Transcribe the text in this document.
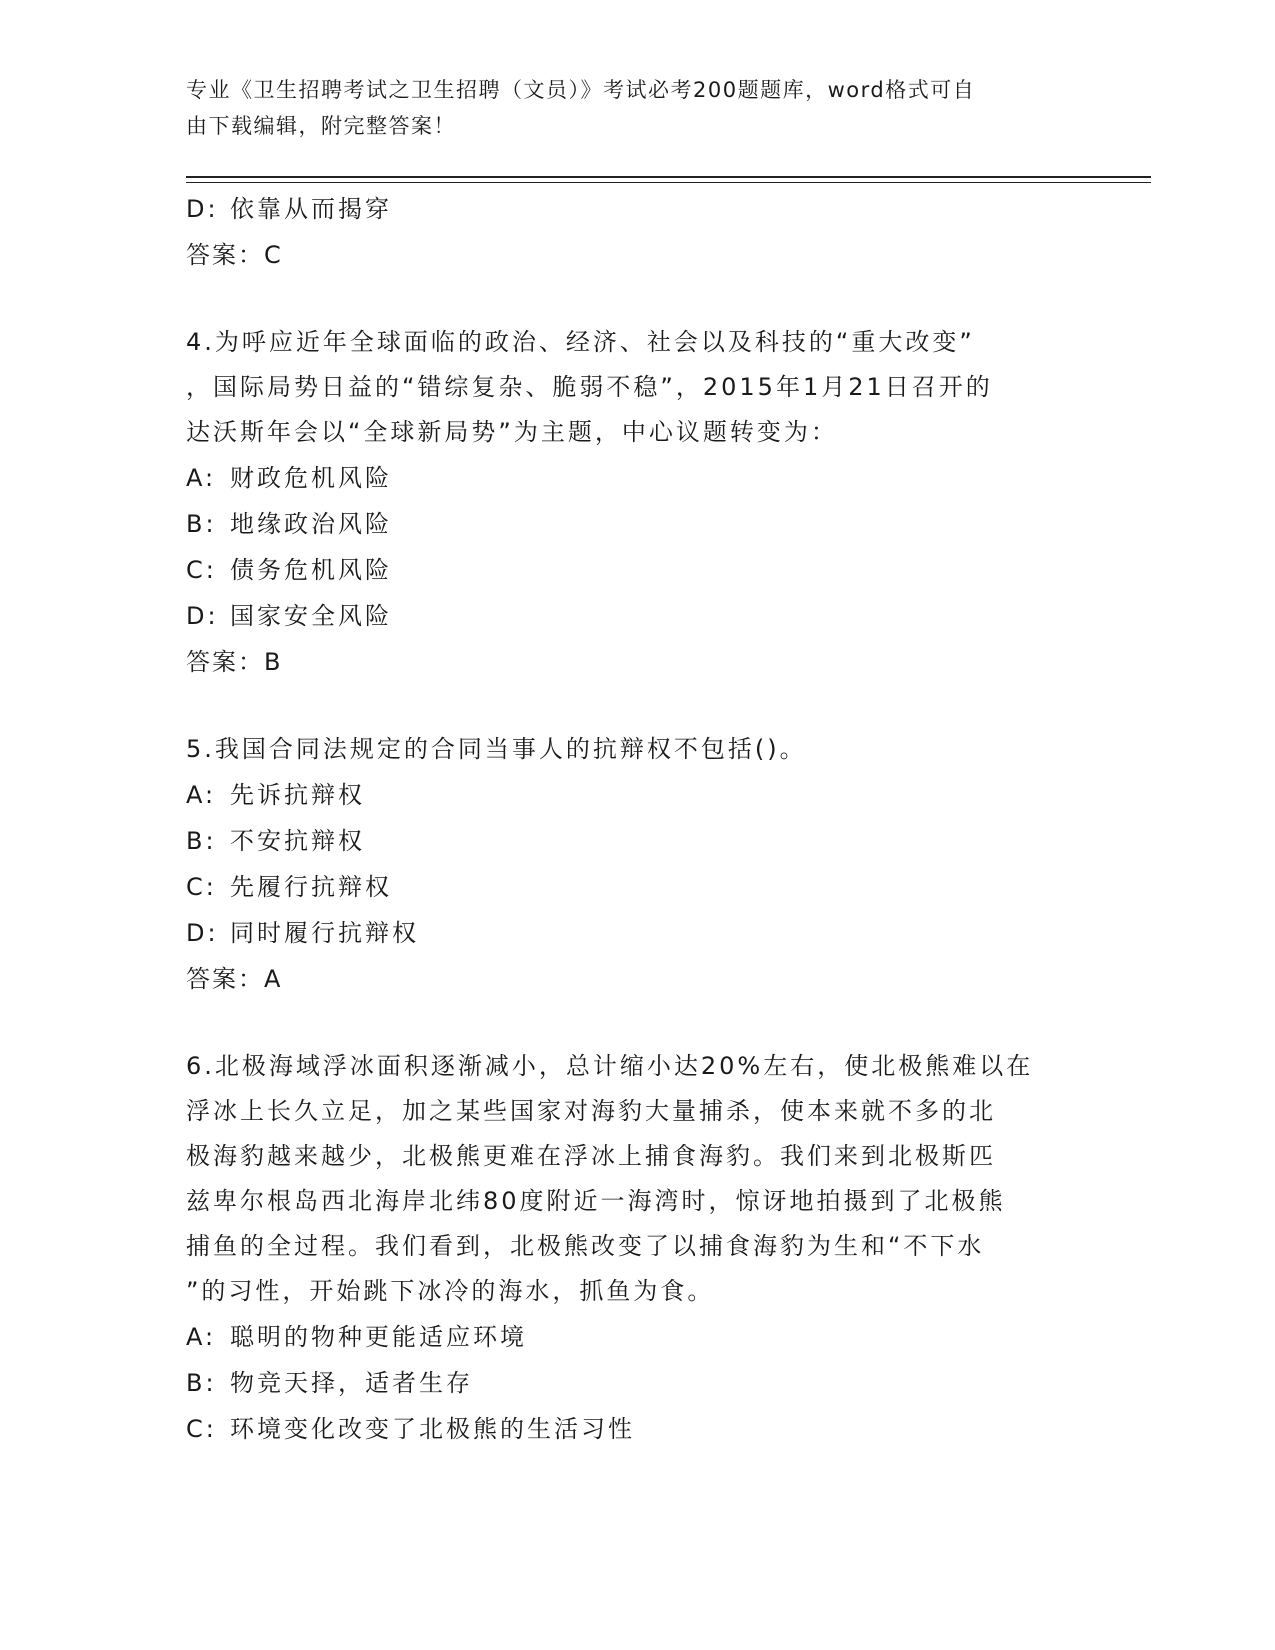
专业《卫生招聘考试之卫生招聘（文员）》考试必考200题题库，word格式可自
由下载编辑，附完整答案！
D: 依靠从而揭穿
答案：C
4.为呼应近年全球面临的政治、经济、社会以及科技的“重大改变”
，国际局势日益的“错综复杂、脆弱不稳”，2015年1月21日召开的
达沃斯年会以“全球新局势”为主题，中心议题转变为：
A: 财政危机风险
B: 地缘政治风险
C: 债务危机风险
D: 国家安全风险
答案：B
5.我国合同法规定的合同当事人的抗辩权不包括()。
A: 先诉抗辩权
B: 不安抗辩权
C: 先履行抗辩权
D: 同时履行抗辩权
答案：A
6.北极海域浮冰面积逐渐减小，总计缩小达20%左右，使北极熊难以在
浮冰上长久立足，加之某些国家对海豹大量捕杀，使本来就不多的北
极海豹越来越少，北极熊更难在浮冰上捕食海豹。我们来到北极斯匹
兹卑尔根岛西北海岸北纬80度附近一海湾时，惊讶地拍摄到了北极熊
捕鱼的全过程。我们看到，北极熊改变了以捕食海豹为生和“不下水
”的习性，开始跳下冰冷的海水，抓鱼为食。
A: 聪明的物种更能适应环境
B: 物竞天择，适者生存
C: 环境变化改变了北极熊的生活习性
